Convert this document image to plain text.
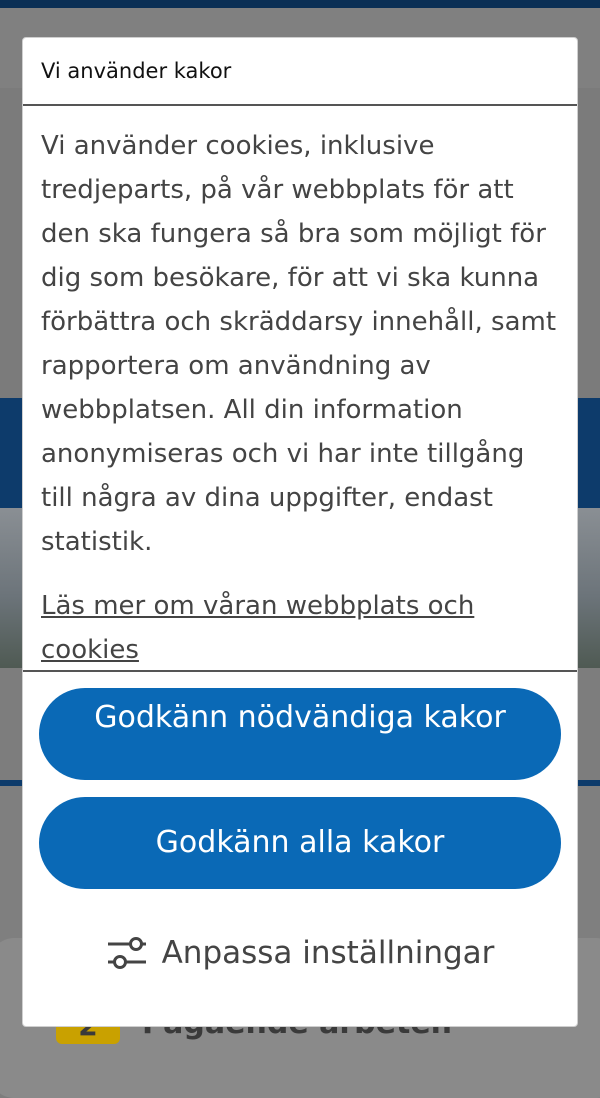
Vi använder kakor

Vi använder cookies, inklusive tredjeparts, på vår webbplats för att den ska fungera så bra som möjligt för dig som besökare, för att vi ska kunna förbättra och skräddarsy innehåll, samt rapportera om användning av webbplatsen. All din information anonymiseras och vi har inte tillgång till några av dina uppgifter, endast statistik.

Läs mer om våran webbplats och cookies
Godkänn nödvändiga kakor
Godkänn alla kakor
Anpassa inställningar
